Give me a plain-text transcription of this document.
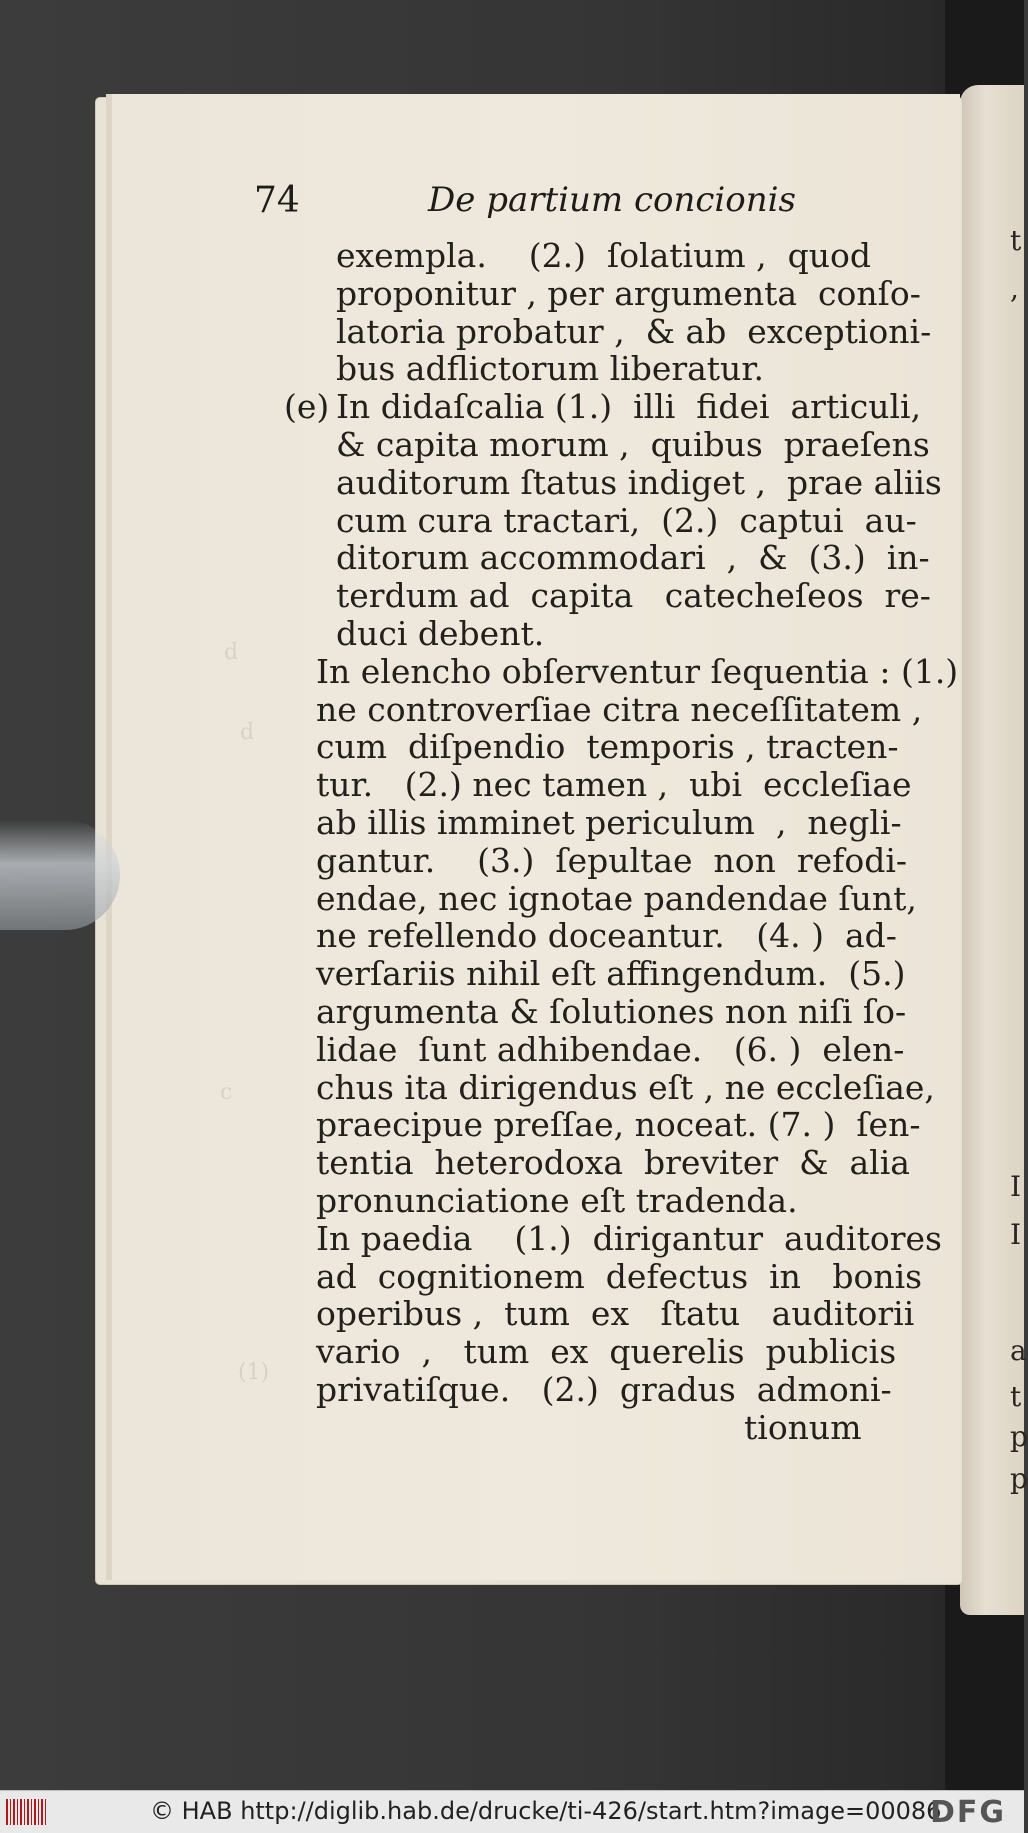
d
d
c
(1)
74	De partium concionis
exempla.    (2.)  ſolatium ,  quod
proponitur , per argumenta  conſo-
latoria probatur ,  & ab  exceptioni-
bus adflictorum liberatur.
(e) In didaſcalia (1.)  illi  fidei  articuli,
& capita morum ,  quibus  praeſens
auditorum ſtatus indiget ,  prae aliis
cum cura tractari,  (2.)  captui  au-
ditorum accommodari  ,  &  (3.)  in-
terdum ad  capita   catecheſeos  re-
duci debent.
In elencho obſerventur ſequentia : (1.)
ne controverſiae citra neceſſitatem ,
cum  diſpendio  temporis , tracten-
tur.   (2.) nec tamen ,  ubi  eccleſiae
ab illis imminet periculum  ,  negli-
gantur.    (3.)  ſepultae  non  refodi-
endae, nec ignotae pandendae ſunt,
ne refellendo doceantur.   (4. )  ad-
verſariis nihil eſt affingendum.  (5.)
argumenta & ſolutiones non niſi ſo-
lidae  ſunt adhibendae.   (6. )  elen-
chus ita dirigendus eſt , ne eccleſiae,
praecipue preſſae, noceat. (7. )  ſen-
tentia  heterodoxa  breviter  &  alia
pronunciatione eſt tradenda.
In paedia    (1.)  dirigantur  auditores
ad  cognitionem  defectus  in   bonis
operibus ,  tum  ex   ſtatu   auditorii
vario  ,   tum  ex  querelis  publicis
privatiſque.   (2.)  gradus  admoni-
tionum
t
,
I
I
a
t
p
p
© HAB http://diglib.hab.de/drucke/ti-426/start.htm?image=00086
DFG
